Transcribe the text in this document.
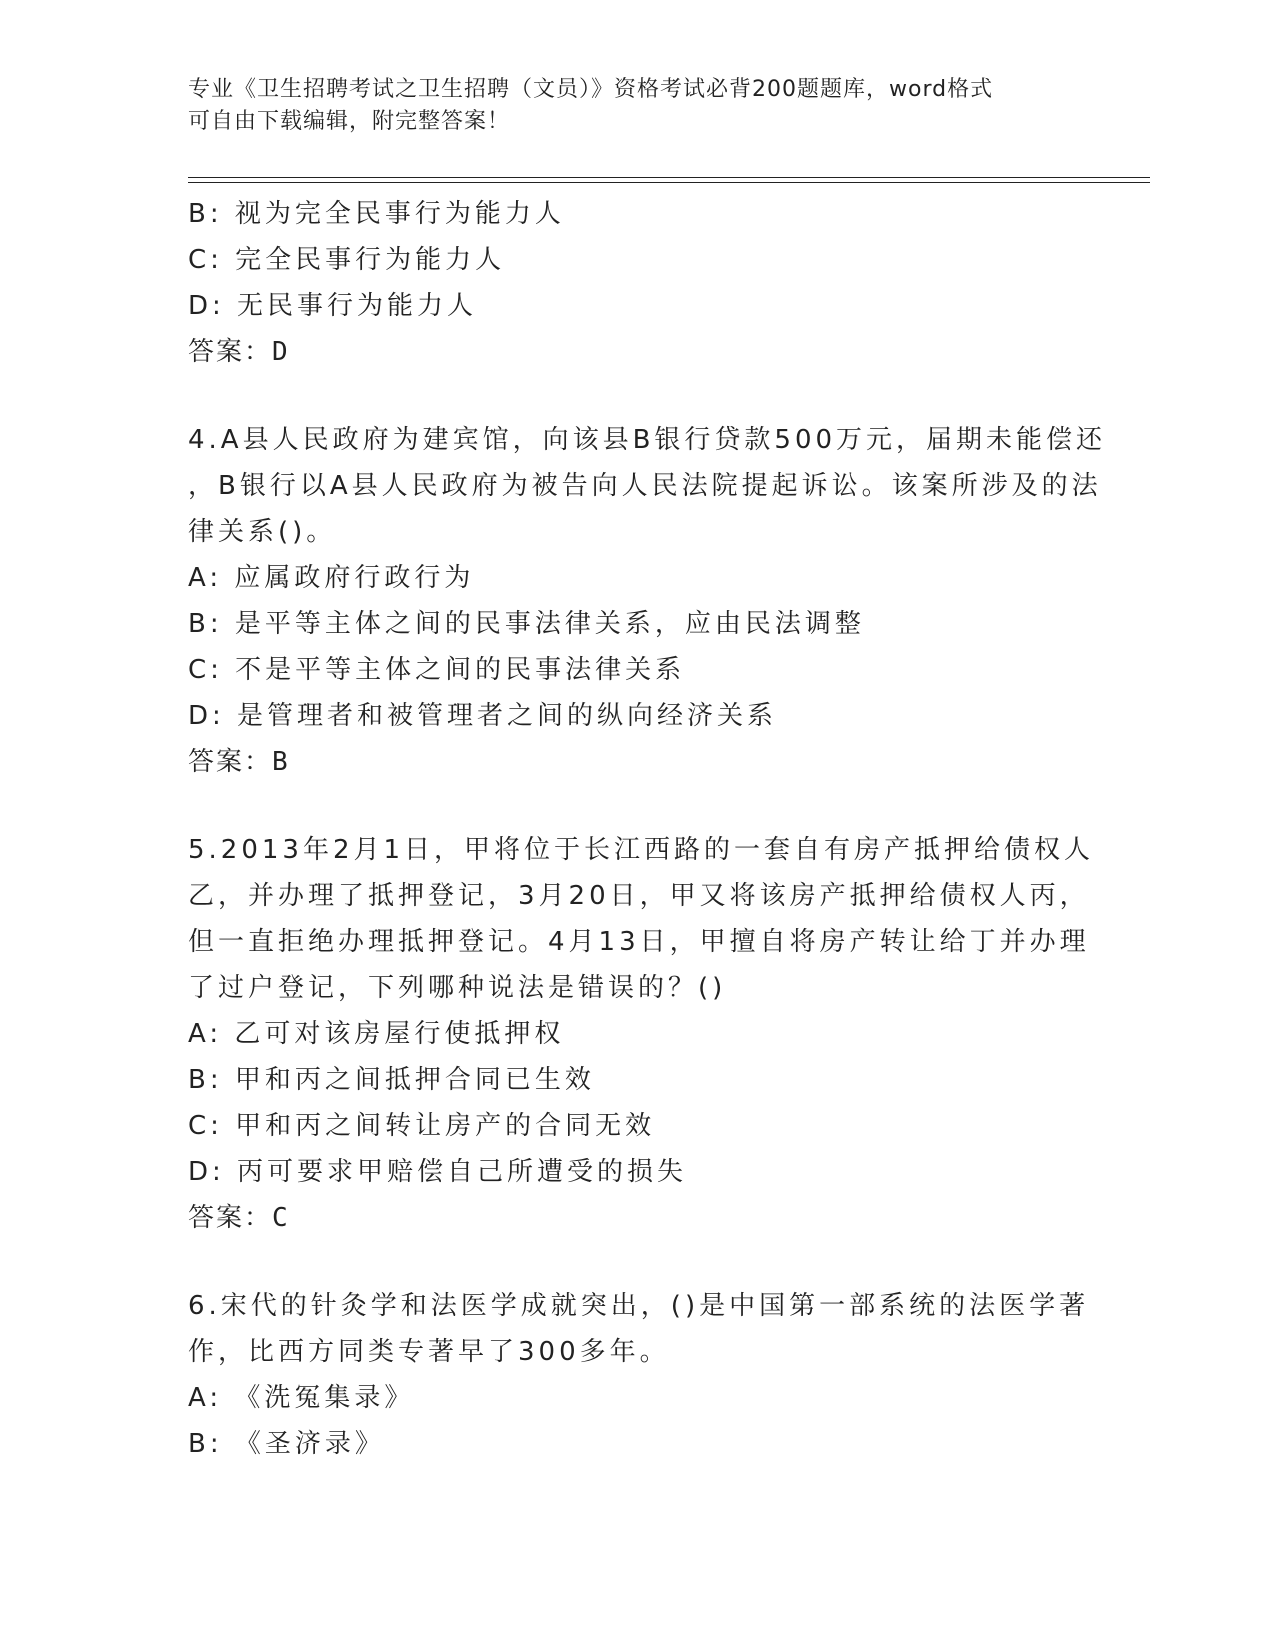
专业《卫生招聘考试之卫生招聘（文员）》资格考试必背200题题库，word格式
可自由下载编辑，附完整答案！
B: 视为完全民事行为能力人
C: 完全民事行为能力人
D: 无民事行为能力人
答案：D
4.A县人民政府为建宾馆，向该县B银行贷款500万元，届期未能偿还
，B银行以A县人民政府为被告向人民法院提起诉讼。该案所涉及的法
律关系()。
A: 应属政府行政行为
B: 是平等主体之间的民事法律关系，应由民法调整
C: 不是平等主体之间的民事法律关系
D: 是管理者和被管理者之间的纵向经济关系
答案：B
5.2013年2月1日，甲将位于长江西路的一套自有房产抵押给债权人
乙，并办理了抵押登记，3月20日，甲又将该房产抵押给债权人丙，
但一直拒绝办理抵押登记。4月13日，甲擅自将房产转让给丁并办理
了过户登记，下列哪种说法是错误的？()
A: 乙可对该房屋行使抵押权
B: 甲和丙之间抵押合同已生效
C: 甲和丙之间转让房产的合同无效
D: 丙可要求甲赔偿自己所遭受的损失
答案：C
6.宋代的针灸学和法医学成就突出，()是中国第一部系统的法医学著
作，比西方同类专著早了300多年。
A: 《洗冤集录》
B: 《圣济录》
